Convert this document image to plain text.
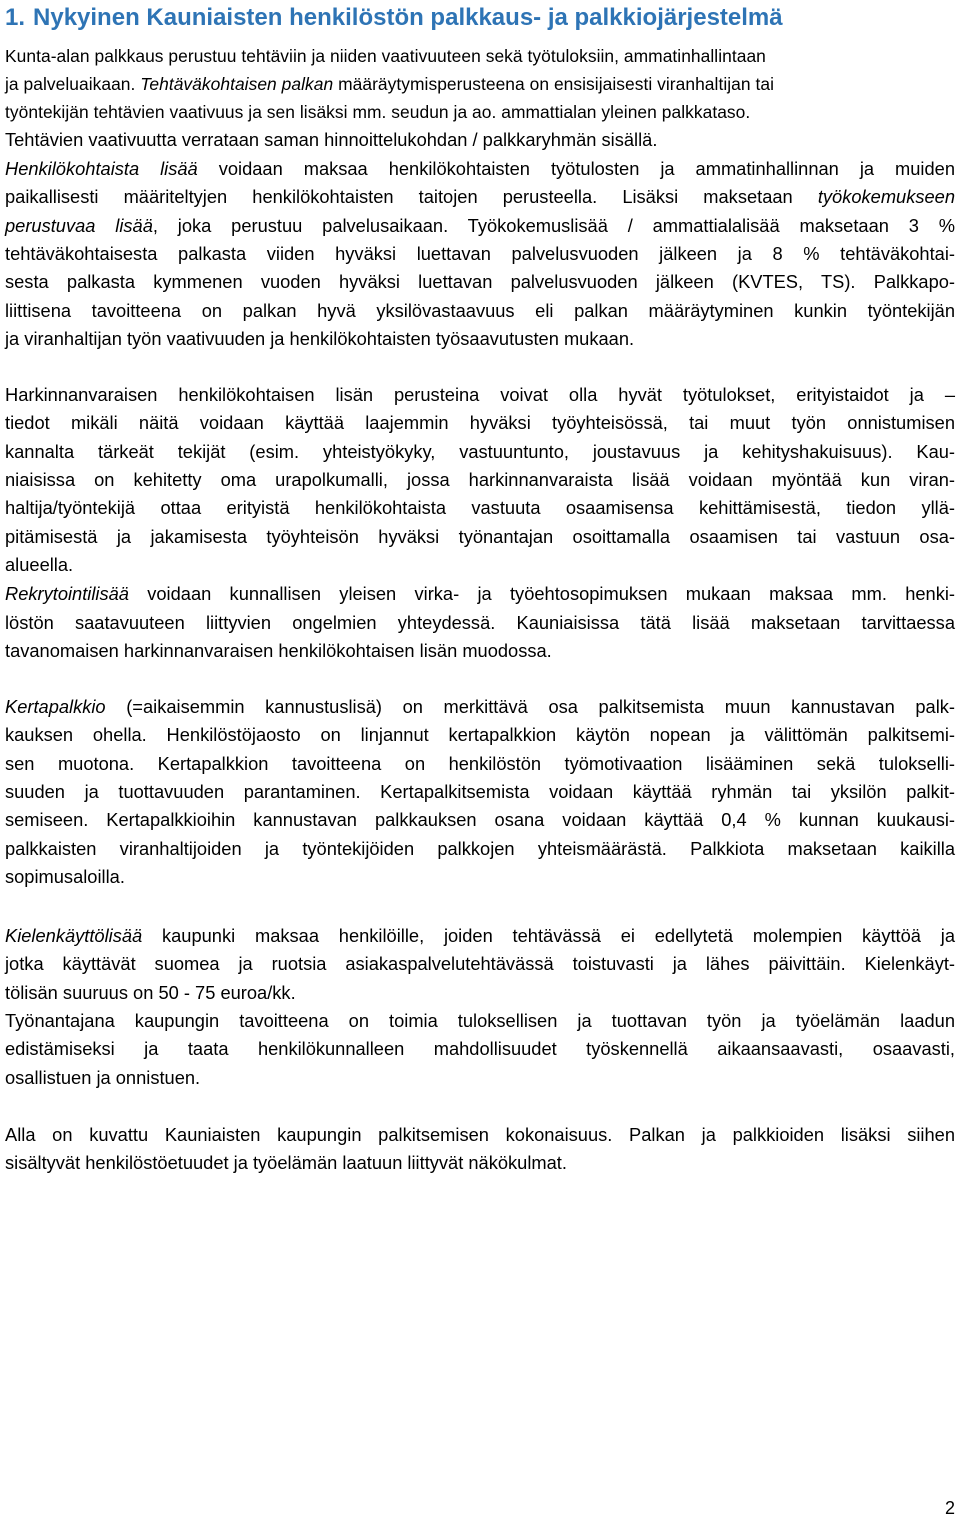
1. Nykyinen Kauniaisten henkilöstön palkkaus- ja palkkiojärjestelmä
Kunta-alan palkkaus perustuu tehtäviin ja niiden vaativuuteen sekä työtuloksiin, ammatinhallintaan
ja palveluaikaan. Tehtäväkohtaisen palkan määräytymisperusteena on ensisijaisesti viranhaltijan tai
työntekijän tehtävien vaativuus ja sen lisäksi mm. seudun ja ao. ammattialan yleinen palkkataso.
Tehtävien vaativuutta verrataan saman hinnoittelukohdan / palkkaryhmän sisällä.
Henkilökohtaista lisää voidaan maksaa henkilökohtaisten työtulosten ja ammatinhallinnan ja muiden
paikallisesti määriteltyjen henkilökohtaisten taitojen perusteella. Lisäksi maksetaan työkokemukseen
perustuvaa lisää, joka perustuu palvelusaikaan. Työkokemuslisää / ammattialalisää maksetaan 3 %
tehtäväkohtaisesta palkasta viiden hyväksi luettavan palvelusvuoden jälkeen ja 8 % tehtäväkohtai-
sesta palkasta kymmenen vuoden hyväksi luettavan palvelusvuoden jälkeen (KVTES, TS). Palkkapo-
liittisena tavoitteena on palkan hyvä yksilövastaavuus eli palkan määräytyminen kunkin työntekijän
ja viranhaltijan työn vaativuuden ja henkilökohtaisten työsaavutusten mukaan.
Harkinnanvaraisen henkilökohtaisen lisän perusteina voivat olla hyvät työtulokset, erityistaidot ja –
tiedot mikäli näitä voidaan käyttää laajemmin hyväksi työyhteisössä, tai muut työn onnistumisen
kannalta tärkeät tekijät (esim. yhteistyökyky, vastuuntunto, joustavuus ja kehityshakuisuus). Kau-
niaisissa on kehitetty oma urapolkumalli, jossa harkinnanvaraista lisää voidaan myöntää kun viran-
haltija/työntekijä ottaa erityistä henkilökohtaista vastuuta osaamisensa kehittämisestä, tiedon yllä-
pitämisestä ja jakamisesta työyhteisön hyväksi työnantajan osoittamalla osaamisen tai vastuun osa-
alueella.
Rekrytointilisää voidaan kunnallisen yleisen virka- ja työehtosopimuksen mukaan maksaa mm. henki-
löstön saatavuuteen liittyvien ongelmien yhteydessä. Kauniaisissa tätä lisää maksetaan tarvittaessa
tavanomaisen harkinnanvaraisen henkilökohtaisen lisän muodossa.
Kertapalkkio (=aikaisemmin kannustuslisä) on merkittävä osa palkitsemista muun kannustavan palk-
kauksen ohella. Henkilöstöjaosto on linjannut kertapalkkion käytön nopean ja välittömän palkitsemi-
sen muotona. Kertapalkkion tavoitteena on henkilöstön työmotivaation lisääminen sekä tulokselli-
suuden ja tuottavuuden parantaminen. Kertapalkitsemista voidaan käyttää ryhmän tai yksilön palkit-
semiseen. Kertapalkkioihin kannustavan palkkauksen osana voidaan käyttää 0,4 % kunnan kuukausi-
palkkaisten viranhaltijoiden ja työntekijöiden palkkojen yhteismäärästä. Palkkiota maksetaan kaikilla
sopimusaloilla.
Kielenkäyttölisää kaupunki maksaa henkilöille, joiden tehtävässä ei edellytetä molempien käyttöä ja
jotka käyttävät suomea ja ruotsia asiakaspalvelutehtävässä toistuvasti ja lähes päivittäin. Kielenkäyt-
tölisän suuruus on 50 - 75 euroa/kk.
Työnantajana kaupungin tavoitteena on toimia tuloksellisen ja tuottavan työn ja työelämän laadun
edistämiseksi ja taata henkilökunnalleen mahdollisuudet työskennellä aikaansaavasti, osaavasti,
osallistuen ja onnistuen.
Alla on kuvattu Kauniaisten kaupungin palkitsemisen kokonaisuus. Palkan ja palkkioiden lisäksi siihen
sisältyvät henkilöstöetuudet ja työelämän laatuun liittyvät näkökulmat.
2
